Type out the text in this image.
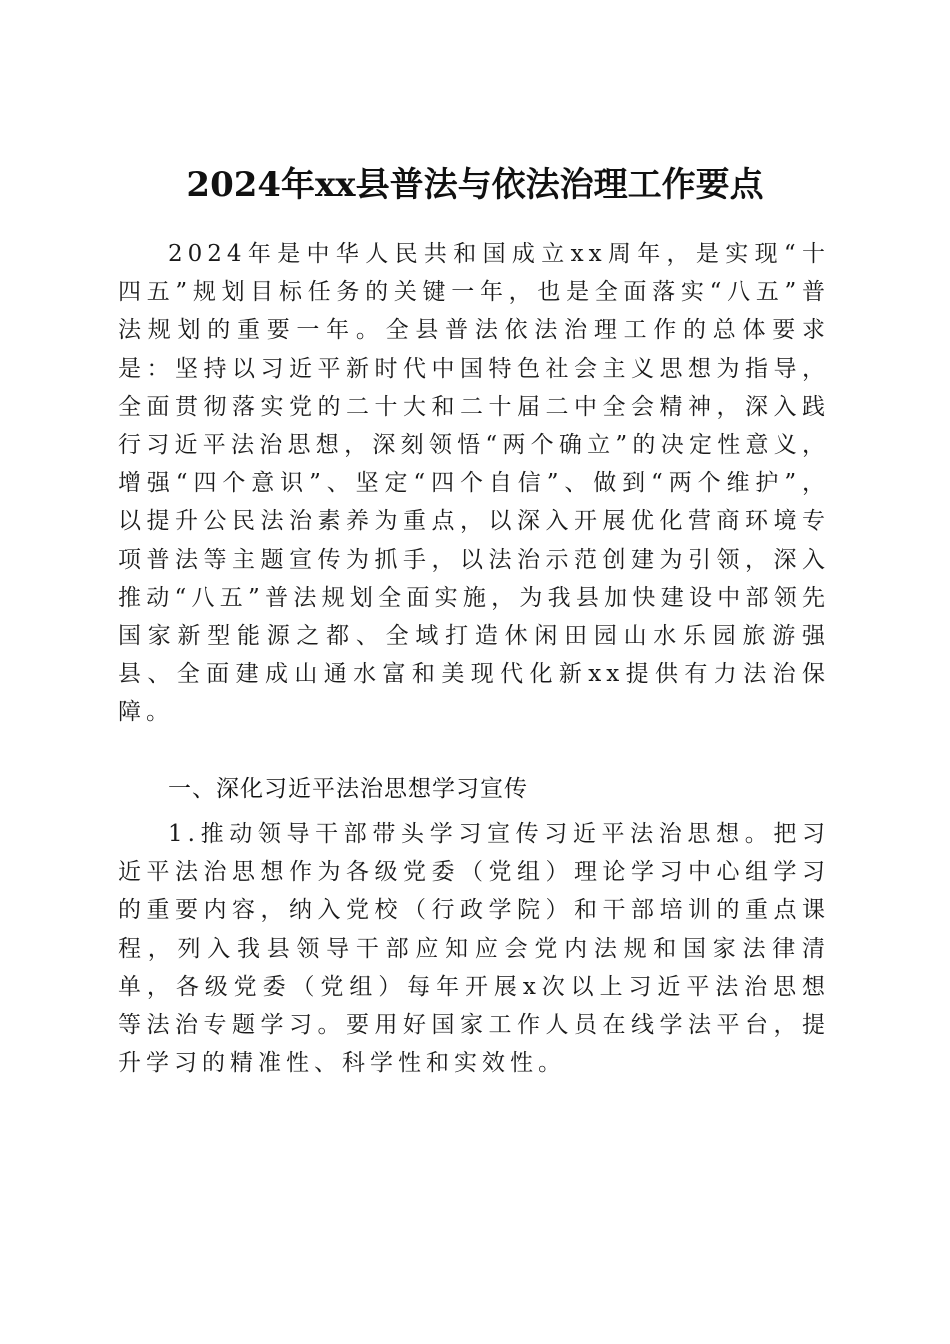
2024年xx县普法与依法治理工作要点

2024年是中华人民共和国成立xx周年，是实现“十四五”规划目标任务的关键一年，也是全面落实“八五”普法规划的重要一年。全县普法依法治理工作的总体要求是：坚持以习近平新时代中国特色社会主义思想为指导，全面贯彻落实党的二十大和二十届二中全会精神，深入践行习近平法治思想，深刻领悟“两个确立”的决定性意义，增强“四个意识”、坚定“四个自信”、做到“两个维护”，以提升公民法治素养为重点，以深入开展优化营商环境专项普法等主题宣传为抓手，以法治示范创建为引领，深入推动“八五”普法规划全面实施，为我县加快建设中部领先国家新型能源之都、全域打造休闲田园山水乐园旅游强县、全面建成山通水富和美现代化新xx提供有力法治保障。

一、深化习近平法治思想学习宣传

1.推动领导干部带头学习宣传习近平法治思想。把习近平法治思想作为各级党委（党组）理论学习中心组学习的重要内容，纳入党校（行政学院）和干部培训的重点课程，列入我县领导干部应知应会党内法规和国家法律清单，各级党委（党组）每年开展x次以上习近平法治思想等法治专题学习。要用好国家工作人员在线学法平台，提升学习的精准性、科学性和实效性。
